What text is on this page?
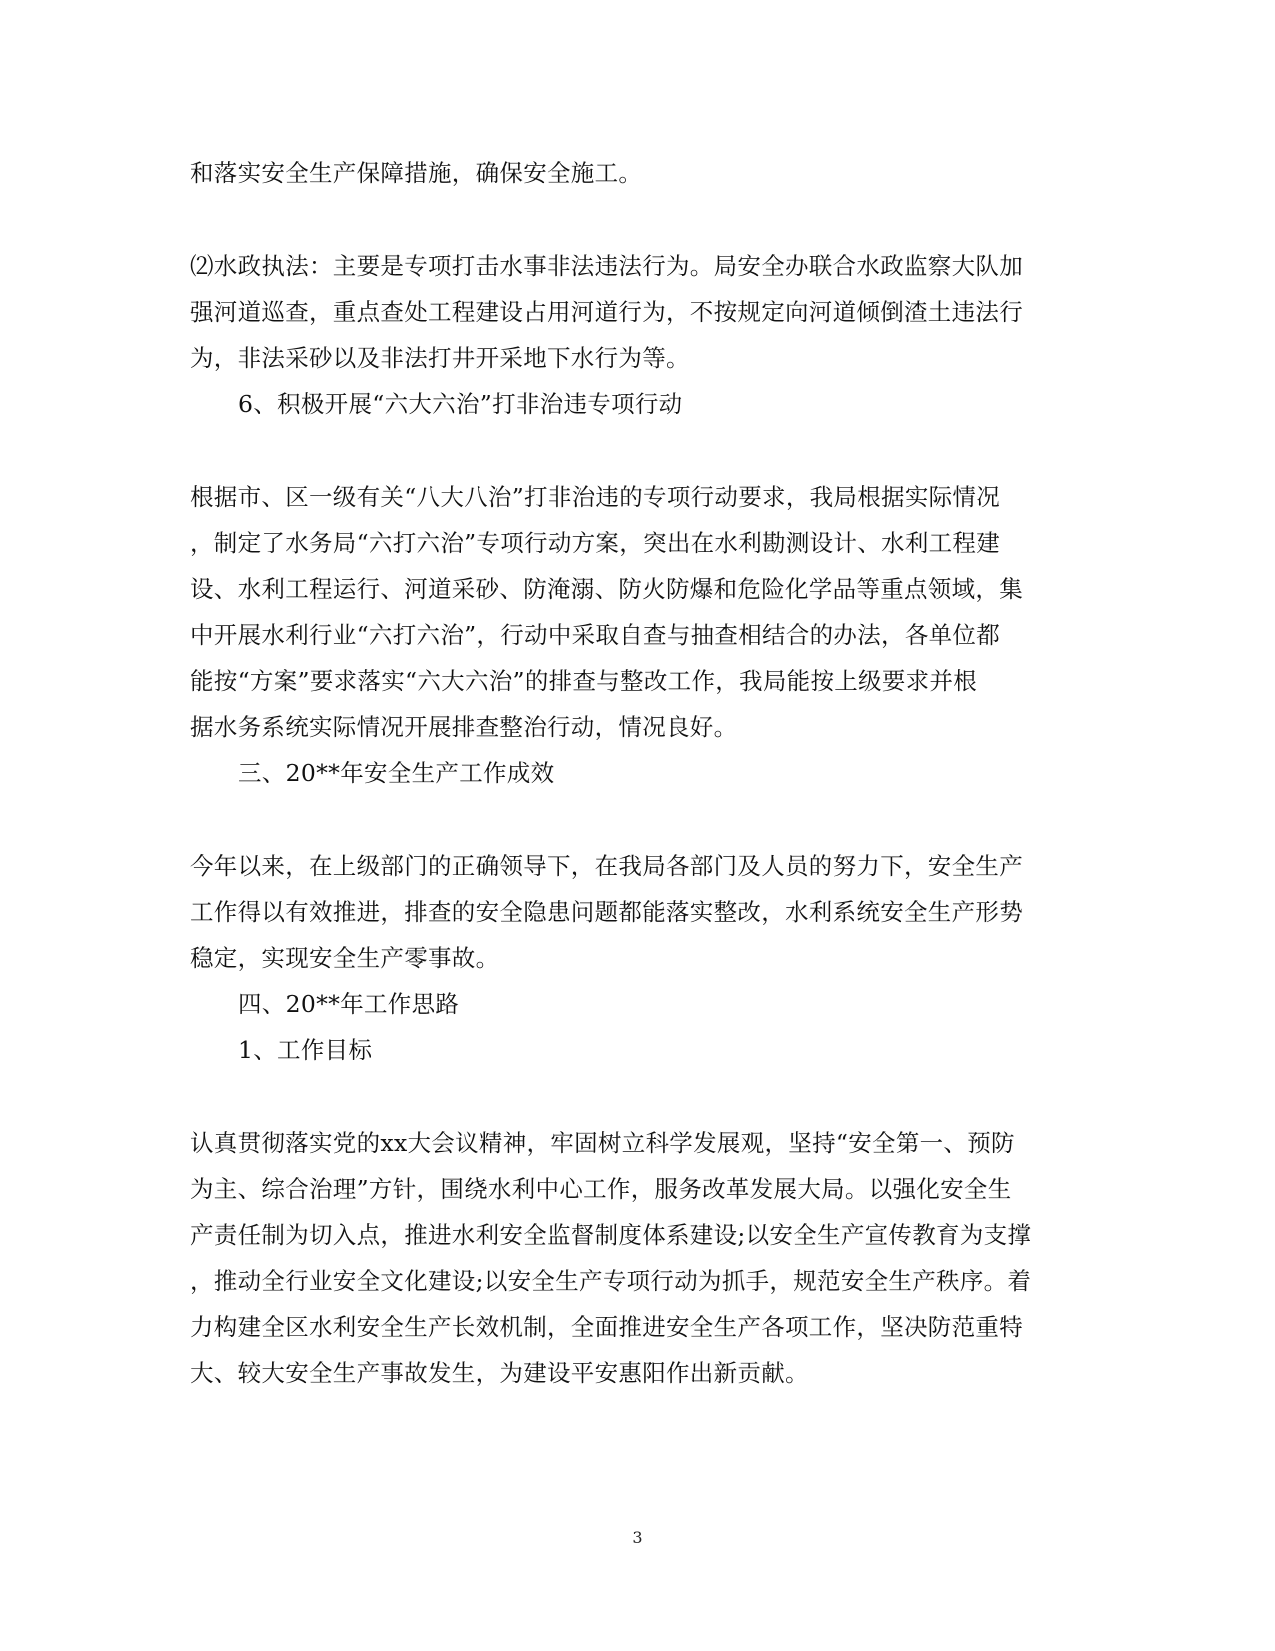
和落实安全生产保障措施，确保安全施工。
⑵水政执法：主要是专项打击水事非法违法行为。局安全办联合水政监察大队加
强河道巡查，重点查处工程建设占用河道行为，不按规定向河道倾倒渣土违法行
为，非法采砂以及非法打井开采地下水行为等。
6、积极开展“六大六治”打非治违专项行动
根据市、区一级有关“八大八治”打非治违的专项行动要求，我局根据实际情况
，制定了水务局“六打六治”专项行动方案，突出在水利勘测设计、水利工程建
设、水利工程运行、河道采砂、防淹溺、防火防爆和危险化学品等重点领域，集
中开展水利行业“六打六治”，行动中采取自查与抽查相结合的办法，各单位都
能按“方案”要求落实“六大六治”的排查与整改工作，我局能按上级要求并根
据水务系统实际情况开展排查整治行动，情况良好。
三、20**年安全生产工作成效
今年以来，在上级部门的正确领导下，在我局各部门及人员的努力下，安全生产
工作得以有效推进，排查的安全隐患问题都能落实整改，水利系统安全生产形势
稳定，实现安全生产零事故。
四、20**年工作思路
1、工作目标
认真贯彻落实党的xx大会议精神，牢固树立科学发展观，坚持“安全第一、预防
为主、综合治理”方针，围绕水利中心工作，服务改革发展大局。以强化安全生
产责任制为切入点，推进水利安全监督制度体系建设;以安全生产宣传教育为支撑
，推动全行业安全文化建设;以安全生产专项行动为抓手，规范安全生产秩序。着
力构建全区水利安全生产长效机制，全面推进安全生产各项工作，坚决防范重特
大、较大安全生产事故发生，为建设平安惠阳作出新贡献。
3
